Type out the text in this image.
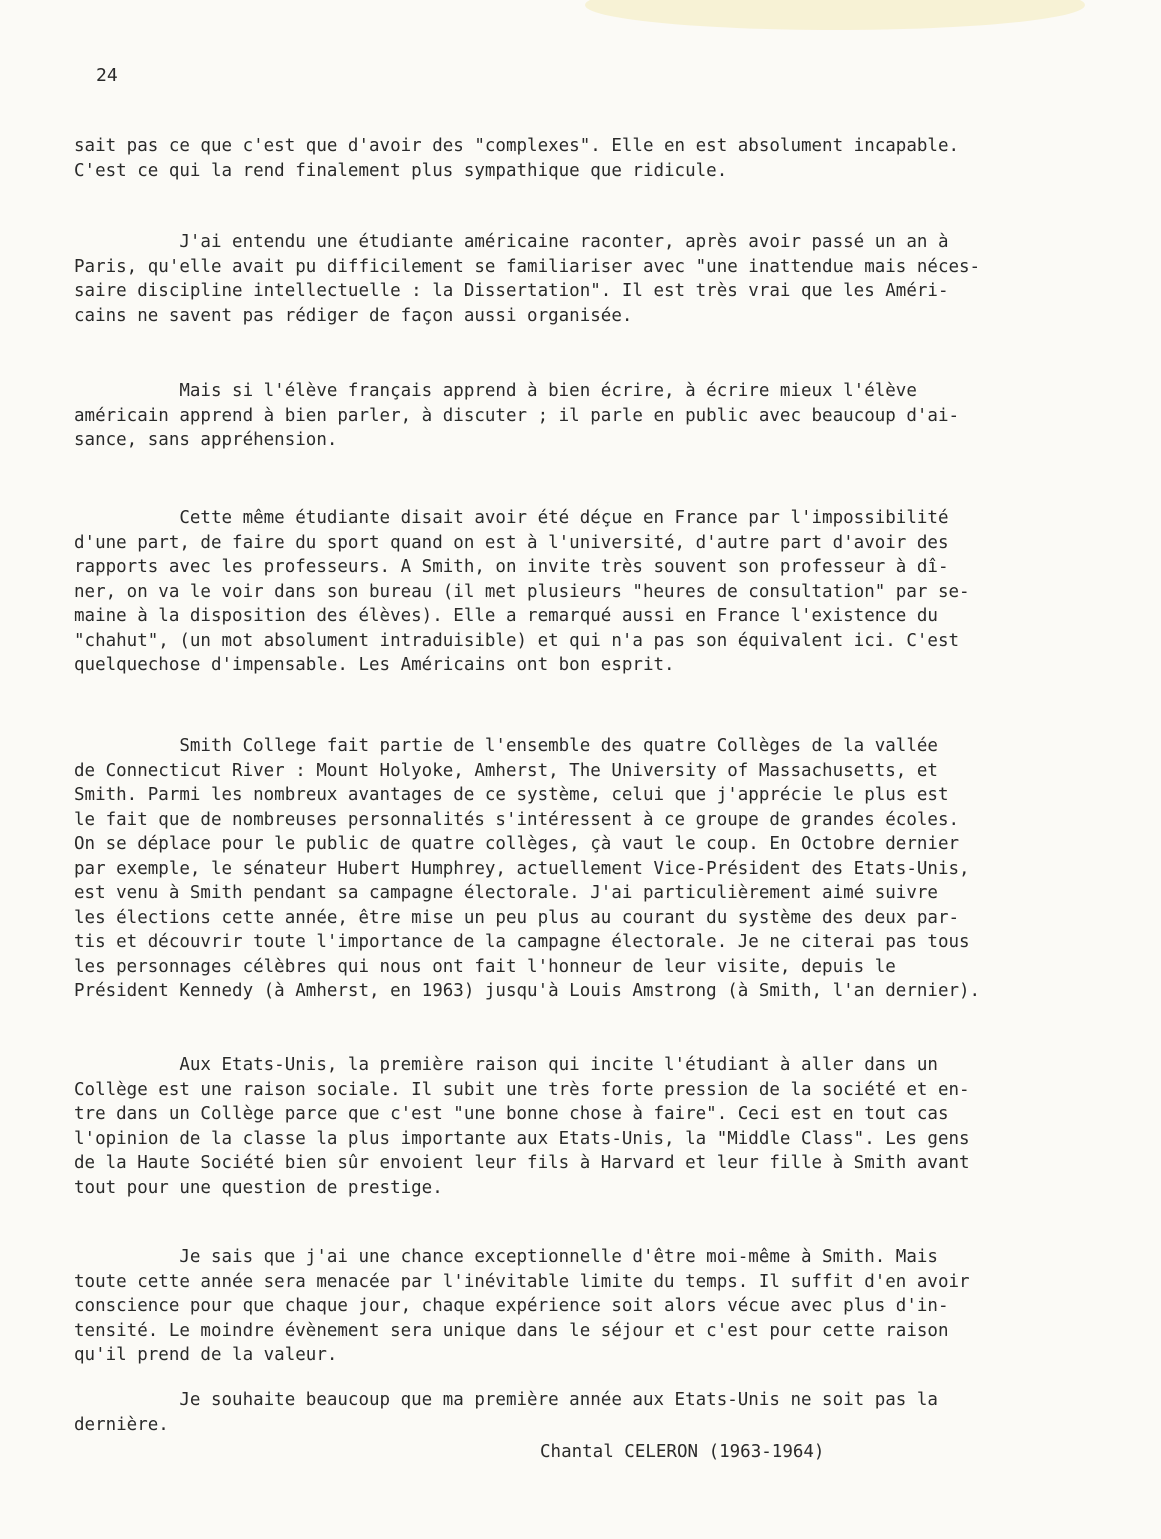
24
sait pas ce que c'est que d'avoir des "complexes". Elle en est absolument incapable.
C'est ce qui la rend finalement plus sympathique que ridicule.
J'ai entendu une étudiante américaine raconter, après avoir passé un an à
Paris, qu'elle avait pu difficilement se familiariser avec "une inattendue mais néces-
saire discipline intellectuelle : la Dissertation". Il est très vrai que les Améri-
cains ne savent pas rédiger de façon aussi organisée.
Mais si l'élève français apprend à bien écrire, à écrire mieux l'élève
américain apprend à bien parler, à discuter ; il parle en public avec beaucoup d'ai-
sance, sans appréhension.
Cette même étudiante disait avoir été déçue en France par l'impossibilité
d'une part, de faire du sport quand on est à l'université, d'autre part d'avoir des
rapports avec les professeurs. A Smith, on invite très souvent son professeur à dî-
ner, on va le voir dans son bureau (il met plusieurs "heures de consultation" par se-
maine à la disposition des élèves). Elle a remarqué aussi en France l'existence du
"chahut", (un mot absolument intraduisible) et qui n'a pas son équivalent ici. C'est
quelquechose d'impensable. Les Américains ont bon esprit.
Smith College fait partie de l'ensemble des quatre Collèges de la vallée
de Connecticut River : Mount Holyoke, Amherst, The University of Massachusetts, et
Smith. Parmi les nombreux avantages de ce système, celui que j'apprécie le plus est
le fait que de nombreuses personnalités s'intéressent à ce groupe de grandes écoles.
On se déplace pour le public de quatre collèges, çà vaut le coup. En Octobre dernier
par exemple, le sénateur Hubert Humphrey, actuellement Vice-Président des Etats-Unis,
est venu à Smith pendant sa campagne électorale. J'ai particulièrement aimé suivre
les élections cette année, être mise un peu plus au courant du système des deux par-
tis et découvrir toute l'importance de la campagne électorale. Je ne citerai pas tous
les personnages célèbres qui nous ont fait l'honneur de leur visite, depuis le
Président Kennedy (à Amherst, en 1963) jusqu'à Louis Amstrong (à Smith, l'an dernier).
Aux Etats-Unis, la première raison qui incite l'étudiant à aller dans un
Collège est une raison sociale. Il subit une très forte pression de la société et en-
tre dans un Collège parce que c'est "une bonne chose à faire". Ceci est en tout cas
l'opinion de la classe la plus importante aux Etats-Unis, la "Middle Class". Les gens
de la Haute Société bien sûr envoient leur fils à Harvard et leur fille à Smith avant
tout pour une question de prestige.
Je sais que j'ai une chance exceptionnelle d'être moi-même à Smith. Mais
toute cette année sera menacée par l'inévitable limite du temps. Il suffit d'en avoir
conscience pour que chaque jour, chaque expérience soit alors vécue avec plus d'in-
tensité. Le moindre évènement sera unique dans le séjour et c'est pour cette raison
qu'il prend de la valeur.
Je souhaite beaucoup que ma première année aux Etats-Unis ne soit pas la
dernière.
Chantal CELERON (1963-1964)
